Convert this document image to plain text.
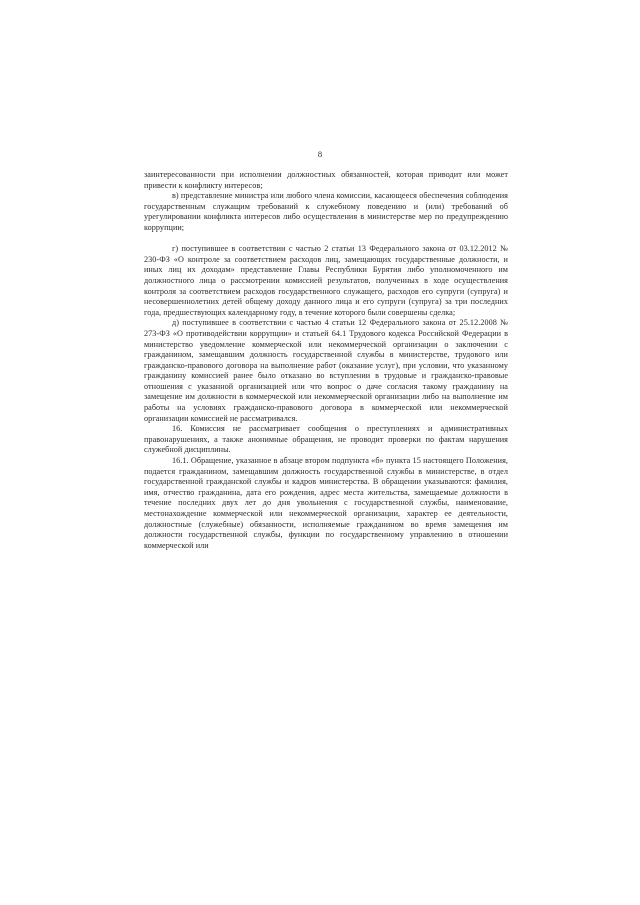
8

заинтересованности при исполнении должностных обязанностей, которая приводит или может привести к конфликту интересов;

в) представление министра или любого члена комиссии, касающееся обеспечения соблюдения государственным служащим требований к служебному поведению и (или) требований об урегулировании конфликта интересов либо осуществления в министерстве мер по предупреждению коррупции;

г) поступившее в соответствии с частью 2 статьи 13 Федерального закона от 03.12.2012 № 230-ФЗ «О контроле за соответствием расходов лиц, замещающих государственные должности, и иных лиц их доходам» представление Главы Республики Бурятия либо уполномоченного им должностного лица о рассмотрении комиссией результатов, полученных в ходе осуществления контроля за соответствием расходов государственного служащего, расходов его супруги (супруга) и несовершеннолетних детей общему доходу данного лица и его супруги (супруга) за три последних года, предшествующих календарному году, в течение которого были совершены сделка;

д) поступившее в соответствии с частью 4 статьи 12 Федерального закона от 25.12.2008 № 273-ФЗ «О противодействии коррупции» и статьей 64.1 Трудового кодекса Российской Федерации в министерство уведомление коммерческой или некоммерческой организации о заключении с гражданином, замещавшим должность государственной службы в министерстве, трудового или гражданско-правового договора на выполнение работ (оказание услуг), при условии, что указанному гражданину комиссией ранее было отказано во вступлении в трудовые и гражданско-правовые отношения с указанной организацией или что вопрос о даче согласия такому гражданину на замещение им должности в коммерческой или некоммерческой организации либо на выполнение им работы на условиях гражданско-правового договора в коммерческой или некоммерческой организации комиссией не рассматривался.

16. Комиссия не рассматривает сообщения о преступлениях и административных правонарушениях, а также анонимные обращения, не проводит проверки по фактам нарушения служебной дисциплины.

16.1. Обращение, указанное в абзаце втором подпункта «б» пункта 15 настоящего Положения, подается гражданином, замещавшим должность государственной службы в министерстве, в отдел государственной гражданской службы и кадров министерства. В обращении указываются: фамилия, имя, отчество гражданина, дата его рождения, адрес места жительства, замещаемые должности в течение последних двух лет до дня увольнения с государственной службы, наименование, местонахождение коммерческой или некоммерческой организации, характер ее деятельности, должностные (служебные) обязанности, исполняемые гражданином во время замещения им должности государственной службы, функции по государственному управлению в отношении коммерческой или
